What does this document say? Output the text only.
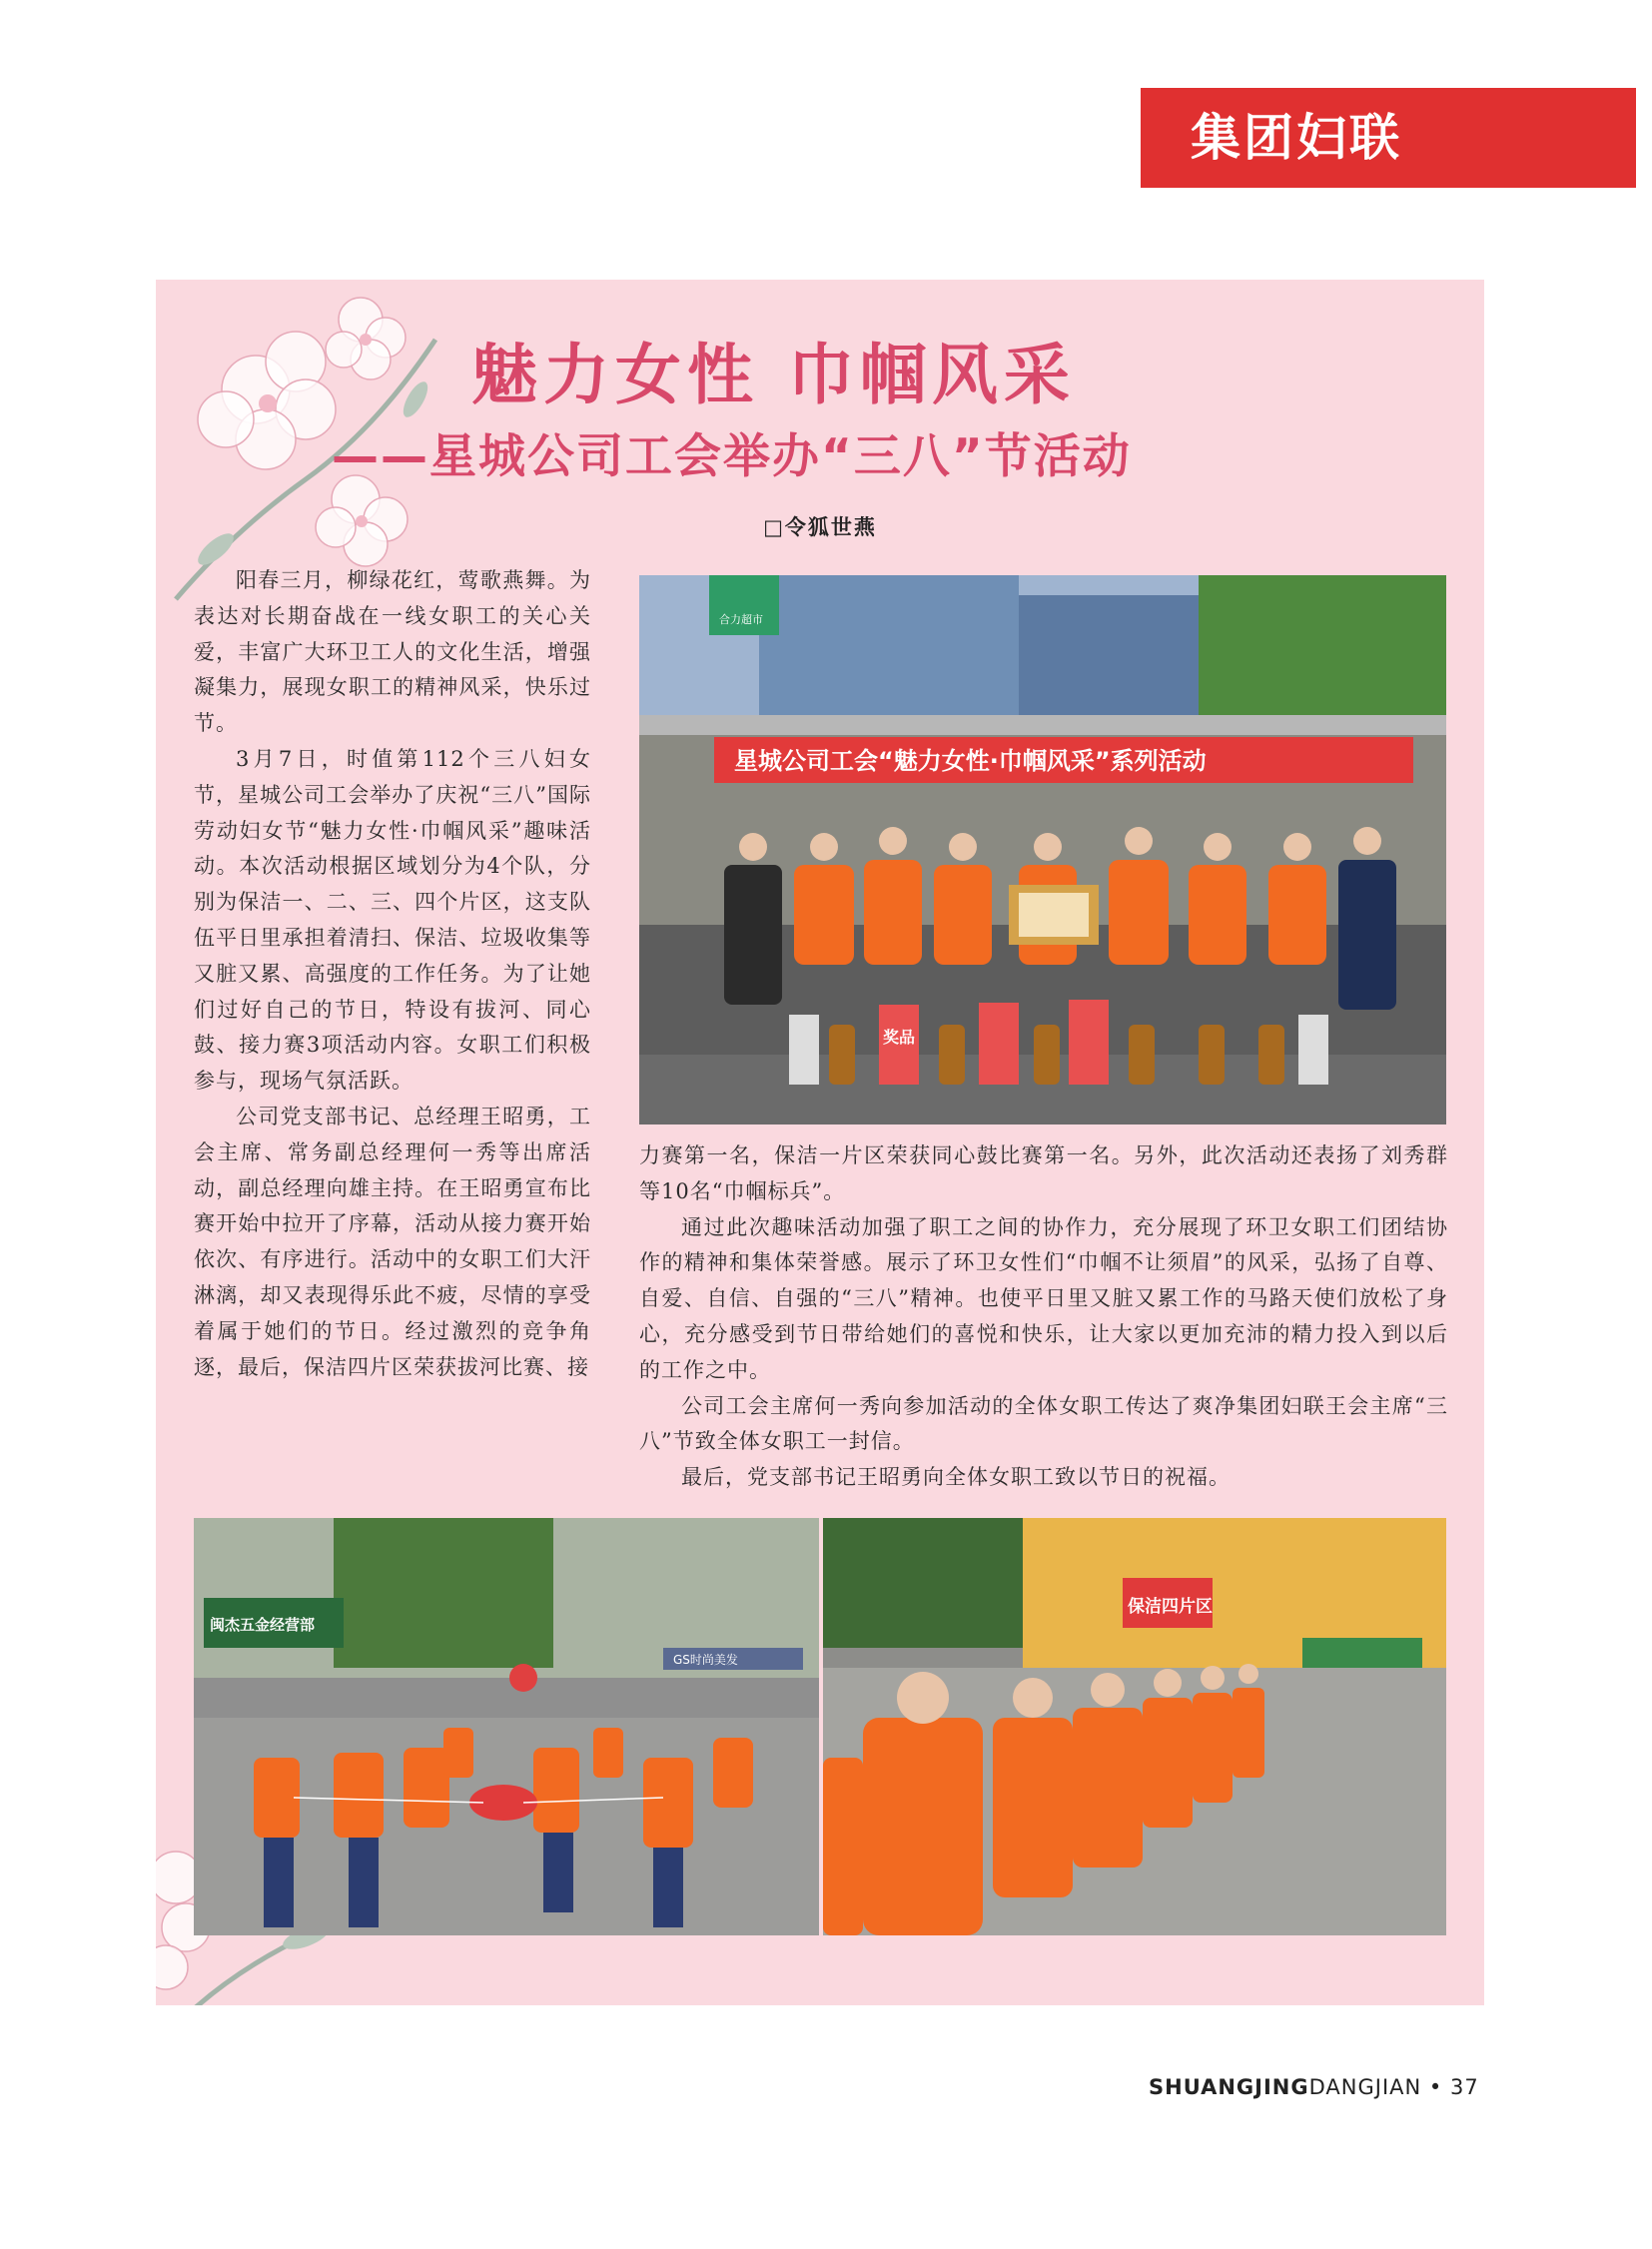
集团妇联
魅力女性 巾帼风采
——星城公司工会举办“三八”节活动
□令狐世燕

阳春三月，柳绿花红，莺歌燕舞。为表达对长期奋战在一线女职工的关心关爱，丰富广大环卫工人的文化生活，增强凝集力，展现女职工的精神风采，快乐过节。

3月7日，时值第112个三八妇女节，星城公司工会举办了庆祝“三八”国际劳动妇女节“魅力女性·巾帼风采”趣味活动。本次活动根据区域划分为4个队，分别为保洁一、二、三、四个片区，这支队伍平日里承担着清扫、保洁、垃圾收集等又脏又累、高强度的工作任务。为了让她们过好自己的节日，特设有拔河、同心鼓、接力赛3项活动内容。女职工们积极参与，现场气氛活跃。

公司党支部书记、总经理王昭勇，工会主席、常务副总经理何一秀等出席活动，副总经理向雄主持。在王昭勇宣布比赛开始中拉开了序幕，活动从接力赛开始依次、有序进行。活动中的女职工们大汗淋漓，却又表现得乐此不疲，尽情的享受着属于她们的节日。经过激烈的竞争角逐，最后，保洁四片区荣获拔河比赛、接

力赛第一名，保洁一片区荣获同心鼓比赛第一名。另外，此次活动还表扬了刘秀群等10名“巾帼标兵”。

通过此次趣味活动加强了职工之间的协作力，充分展现了环卫女职工们团结协作的精神和集体荣誉感。展示了环卫女性们“巾帼不让须眉”的风采，弘扬了自尊、自爱、自信、自强的“三八”精神。也使平日里又脏又累工作的马路天使们放松了身心，充分感受到节日带给她们的喜悦和快乐，让大家以更加充沛的精力投入到以后的工作之中。

公司工会主席何一秀向参加活动的全体女职工传达了爽净集团妇联王会主席“三八”节致全体女职工一封信。

最后，党支部书记王昭勇向全体女职工致以节日的祝福。

合力超市
星城公司工会“魅力女性·巾帼风采”系列活动
奖品
闽杰五金经营部
GS时尚美发
保洁四片区
SHUANGJINGDANGJIAN • 37
